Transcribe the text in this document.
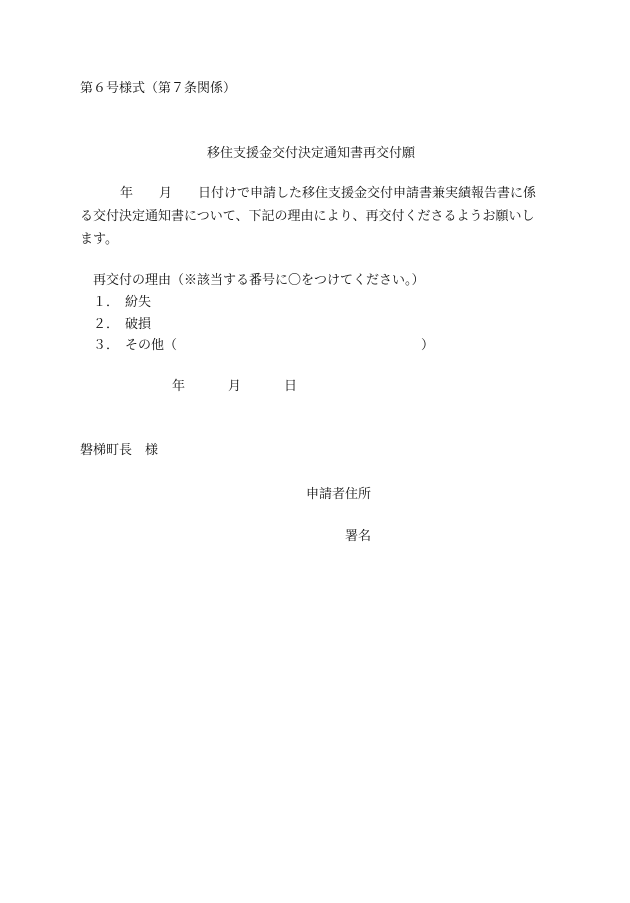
第６号様式（第７条関係）
移住支援金交付決定通知書再交付願
年 月 日付けで申請した移住支援金交付申請書兼実績報告書に係
る交付決定通知書について、下記の理由により、再交付くださるようお願いし
ます。
再交付の理由（※該当する番号に〇をつけてください。）
１． 紛失
２． 破損
３． その他（	）
年	月	日
磐梯町長 様
申請者住所
署名
